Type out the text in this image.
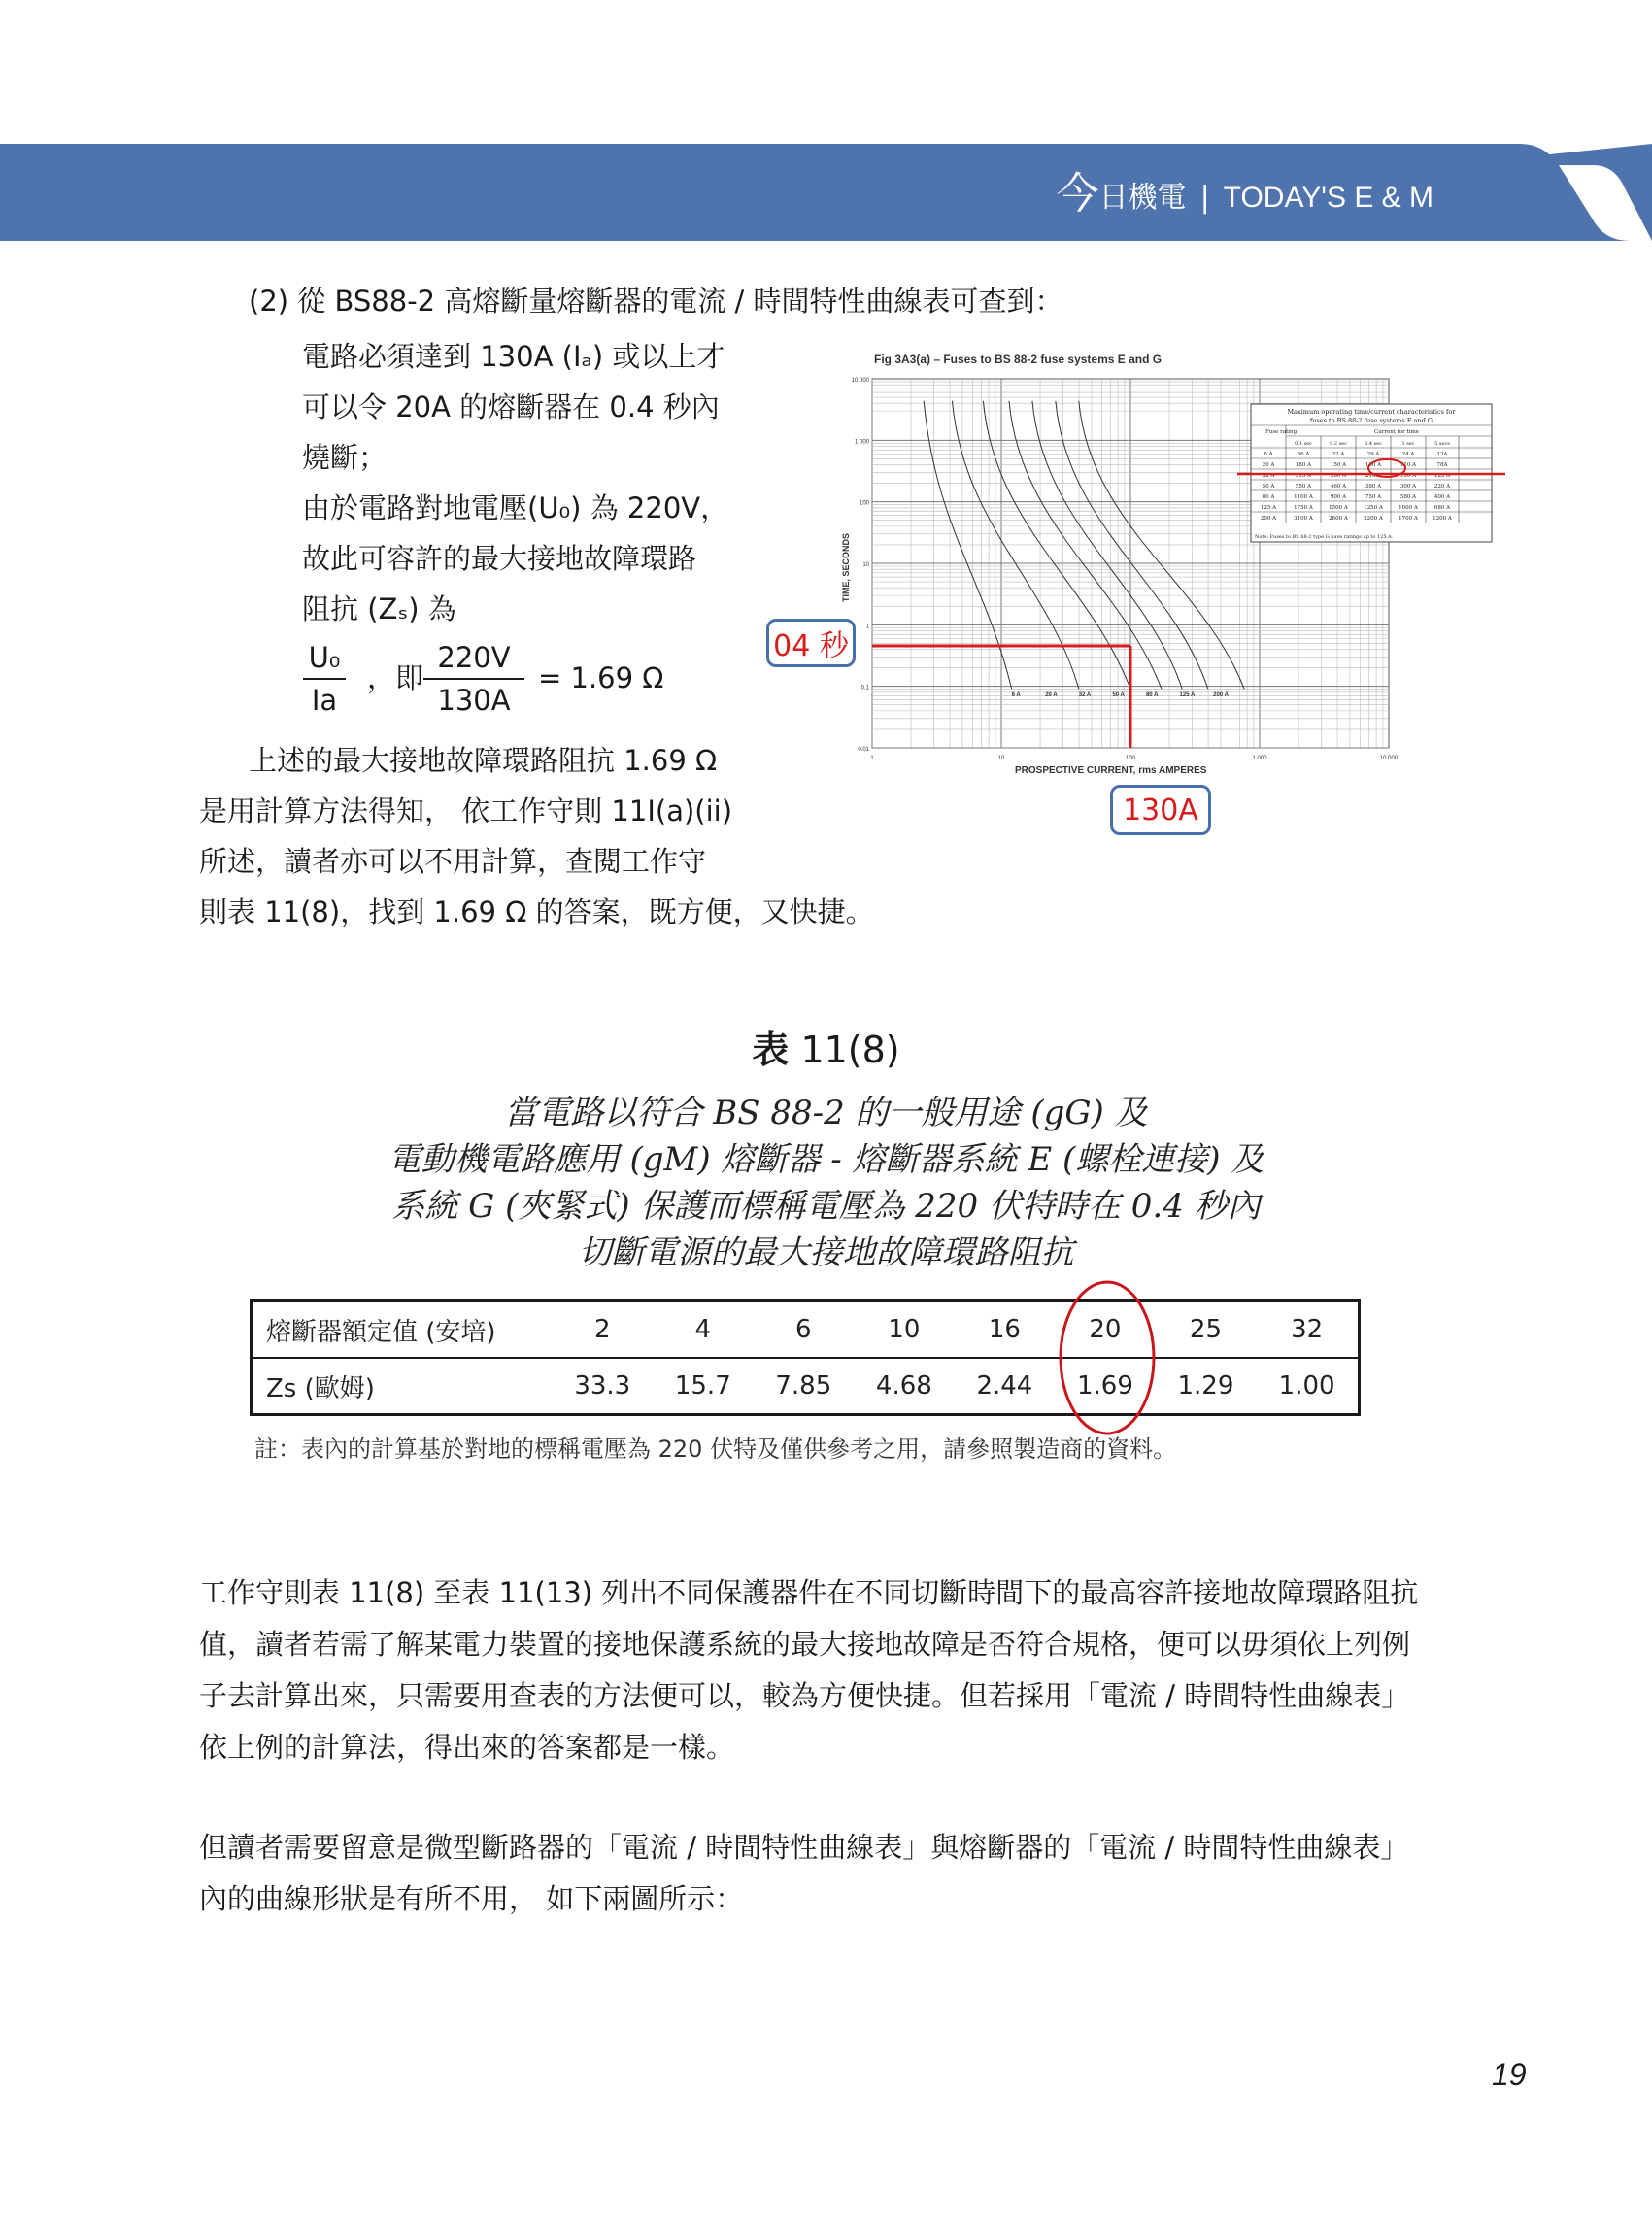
今 日機電 | TODAY'S E & M
(2) 從 BS88-2 高熔斷量熔斷器的電流 / 時間特性曲線表可查到：
電路必須達到 130A (Iₐ) 或以上才
可以令 20A 的熔斷器在 0.4 秒內
燒斷；
由於電路對地電壓(U₀) 為 220V，
故此可容許的最大接地故障環路
阻抗 (Zₛ) 為
U₀
Ia
，即
220V
130A
= 1.69 Ω
上述的最大接地故障環路阻抗 1.69 Ω
是用計算方法得知， 依工作守則 11I(a)(ii)
所述，讀者亦可以不用計算，查閱工作守
則表 11(8)，找到 1.69 Ω 的答案，既方便，又快捷。
Fig 3A3(a) – Fuses to BS 88-2 fuse systems E and G
10 000
1 000
100
10
1
0.1
0.01
1	10	100	1 000	10 000
6 A	20 A	32 A	50 A	80 A	125 A	200 A
TIME, SECONDS
PROSPECTIVE CURRENT, rms AMPERES
Maximum operating time/current characteristics for
fuses to BS 88-2 fuse systems E and G
Fuse rating	Current for time
0.1 sec	0.2 sec	0.4 sec	1 sec	5 secs
6 A	36 A	32 A	29 A	24 A	13A
20 A	180 A	150 A	130 A	110 A	78A
32 A	315 A	260 A	210 A	190 A	125 A
50 A	550 A	460 A	380 A	300 A	220 A
80 A	1100 A	900 A	750 A	580 A	400 A
125 A	1750 A	1500 A	1250 A	1000 A	680 A
200 A	3100 A	2600 A	2200 A	1700 A	1200 A
Note: Fuses to BS 88-2 type G have ratings up to 125 A.
04 秒
130A
表 11(8)
當電路以符合 BS 88-2 的一般用途 (gG) 及
電動機電路應用 (gM) 熔斷器 - 熔斷器系統 E (螺栓連接) 及
系統 G (夾緊式) 保護而標稱電壓為 220 伏特時在 0.4 秒內
切斷電源的最大接地故障環路阻抗
熔斷器額定值 (安培)	2	4	6	10	16	20	25	32
Zs (歐姆)	33.3	15.7	7.85	4.68	2.44	1.69	1.29	1.00
註：表內的計算基於對地的標稱電壓為 220 伏特及僅供參考之用，請參照製造商的資料。
工作守則表 11(8) 至表 11(13) 列出不同保護器件在不同切斷時間下的最高容許接地故障環路阻抗
值，讀者若需了解某電力裝置的接地保護系統的最大接地故障是否符合規格，便可以毋須依上列例
子去計算出來，只需要用查表的方法便可以，較為方便快捷。但若採用「電流 / 時間特性曲線表」
依上例的計算法，得出來的答案都是一樣。
但讀者需要留意是微型斷路器的「電流 / 時間特性曲線表」與熔斷器的「電流 / 時間特性曲線表」
內的曲線形狀是有所不用， 如下兩圖所示：
19
